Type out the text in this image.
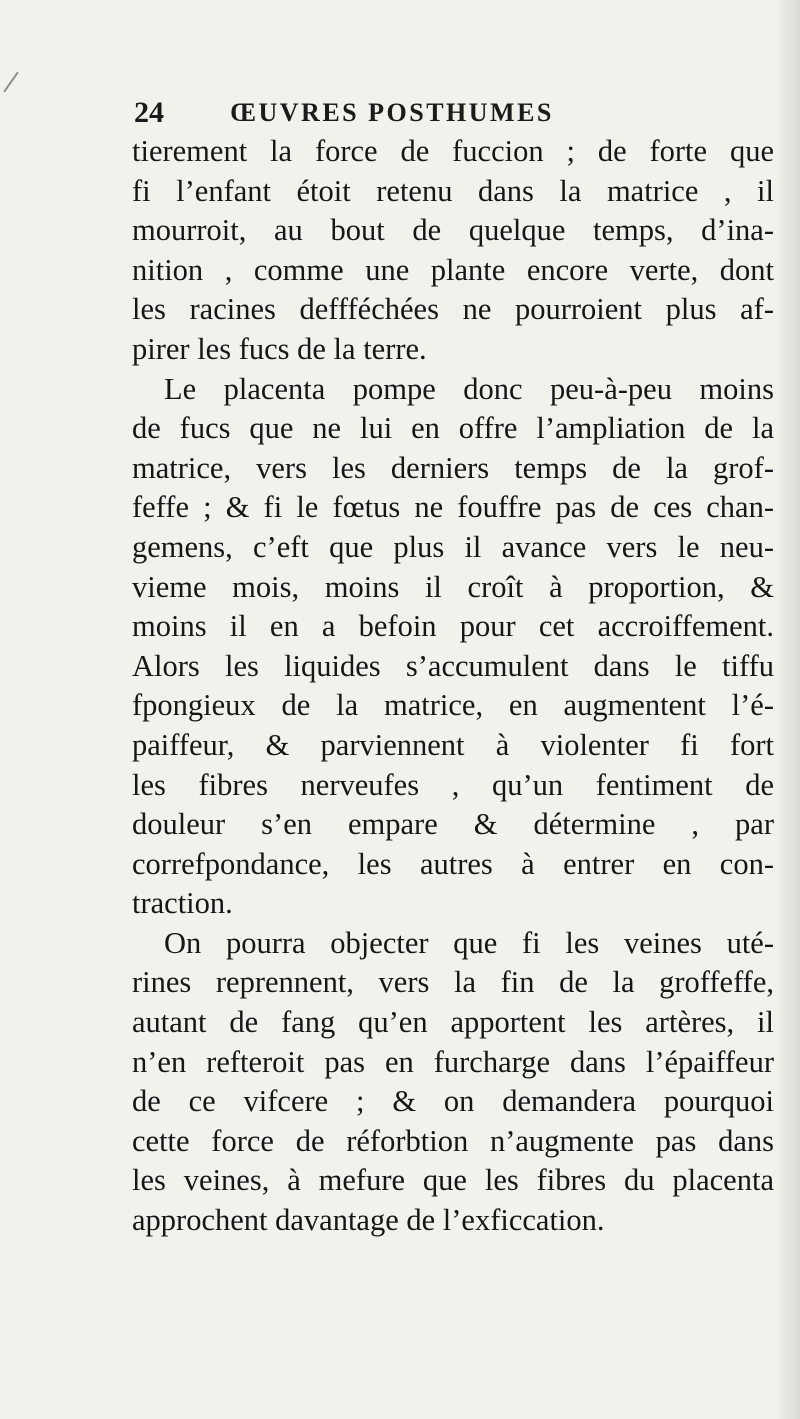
24	ŒUVRES POSTHUMES
tierement la force de fuccion ; de forte que
fi l’enfant étoit retenu dans la matrice , il
mourroit, au bout de quelque temps, d’ina-
nition , comme une plante encore verte, dont
les racines deffféchées ne pourroient plus af-
pirer les fucs de la terre.
Le placenta pompe donc peu-à-peu moins
de fucs que ne lui en offre l’ampliation de la
matrice, vers les derniers temps de la grof-
feffe ; & fi le fœtus ne fouffre pas de ces chan-
gemens, c’eft que plus il avance vers le neu-
vieme mois, moins il croît à proportion, &
moins il en a befoin pour cet accroiffement.
Alors les liquides s’accumulent dans le tiffu
fpongieux de la matrice, en augmentent l’é-
paiffeur, & parviennent à violenter fi fort
les fibres nerveufes , qu’un fentiment de
douleur s’en empare & détermine , par
correfpondance, les autres à entrer en con-
traction.
On pourra objecter que fi les veines uté-
rines reprennent, vers la fin de la groffeffe,
autant de fang qu’en apportent les artères, il
n’en refteroit pas en furcharge dans l’épaiffeur
de ce vifcere ; & on demandera pourquoi
cette force de réforbtion n’augmente pas dans
les veines, à mefure que les fibres du placenta
approchent davantage de l’exficcation.
